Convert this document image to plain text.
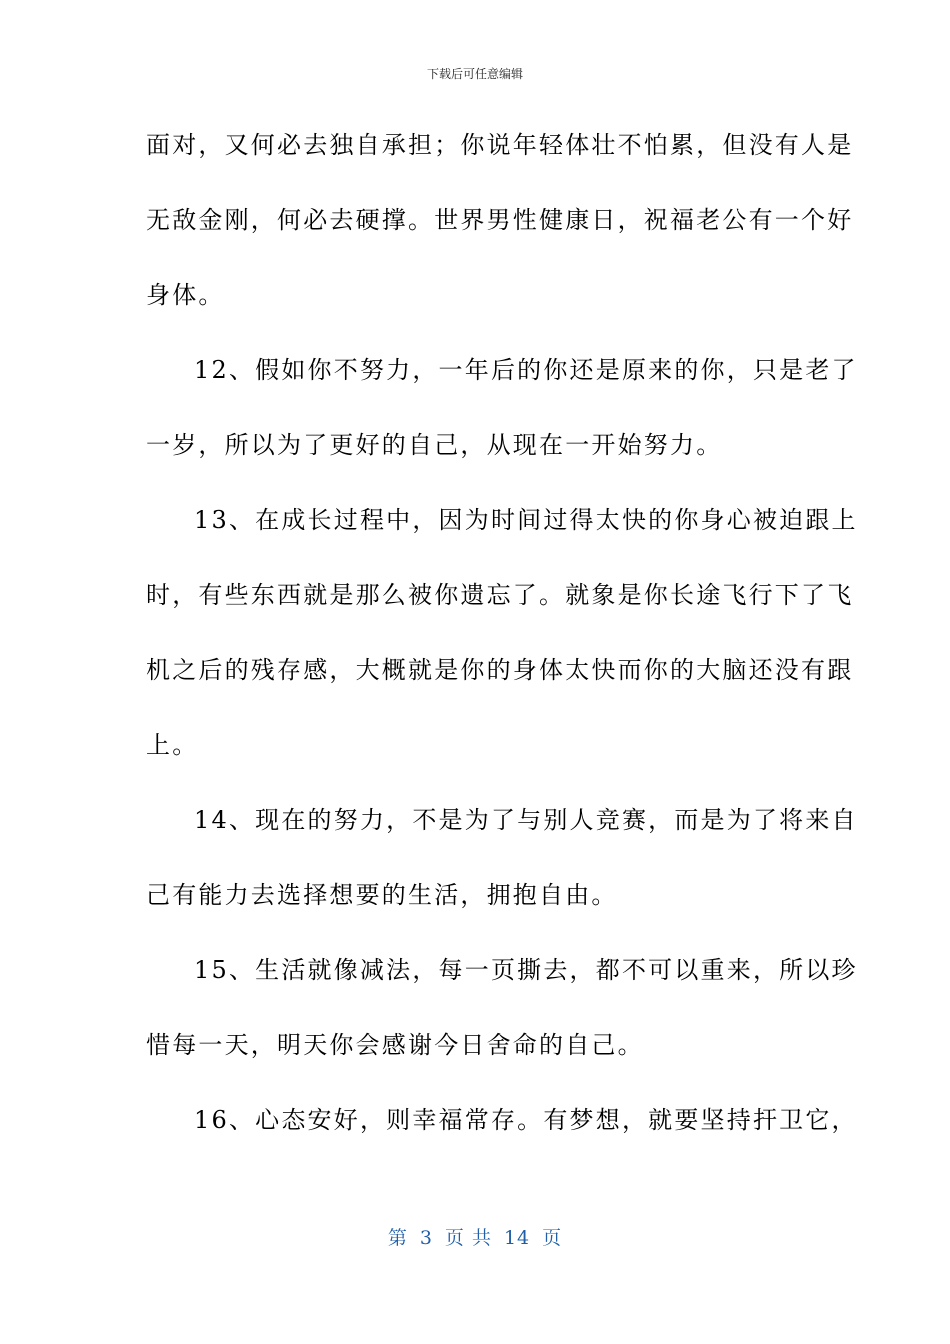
下载后可任意编辑
面对，又何必去独自承担；你说年轻体壮不怕累，但没有人是
无敌金刚，何必去硬撑。世界男性健康日，祝福老公有一个好
身体。
12、假如你不努力，一年后的你还是原来的你，只是老了
一岁，所以为了更好的自己，从现在一开始努力。
13、在成长过程中，因为时间过得太快的你身心被迫跟上
时，有些东西就是那么被你遗忘了。就象是你长途飞行下了飞
机之后的残存感，大概就是你的身体太快而你的大脑还没有跟
上。
14、现在的努力，不是为了与别人竞赛，而是为了将来自
己有能力去选择想要的生活，拥抱自由。
15、生活就像减法，每一页撕去，都不可以重来，所以珍
惜每一天，明天你会感谢今日舍命的自己。
16、心态安好，则幸福常存。有梦想，就要坚持扞卫它，
第 3 页 共 14 页
